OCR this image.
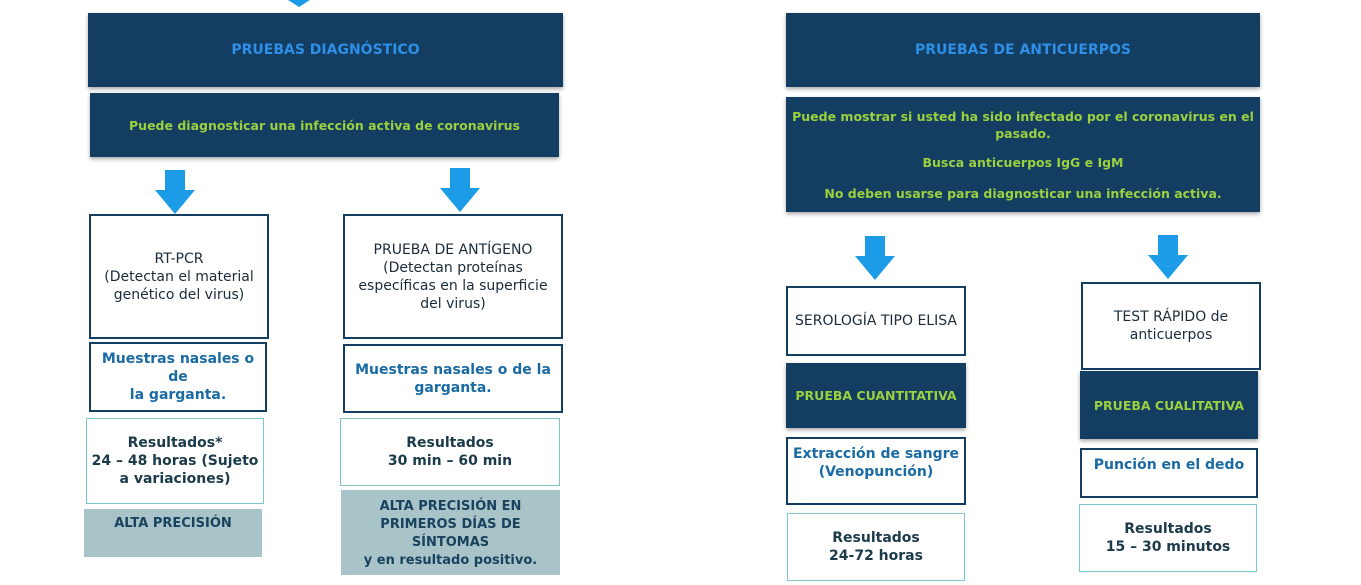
PRUEBAS DIAGNÓSTICO

Puede diagnosticar una infección activa de coronavirus

RT-PCR
(Detectan el material
genético del virus)
Muestras nasales o de
la garganta.
Resultados*
24 – 48 horas (Sujeto
a variaciones)
ALTA PRECISIÓN
PRUEBA DE ANTÍGENO
(Detectan proteínas
específicas en la superficie
del virus)
Muestras nasales o de la
garganta.
Resultados
30 min – 60 min
ALTA PRECISIÓN EN
PRIMEROS DÍAS DE SÍNTOMAS
y en resultado positivo.
PRUEBAS DE ANTICUERPOS

Puede mostrar si usted ha sido infectado por el coronavirus en el

pasado.

Busca anticuerpos IgG e IgM

No deben usarse para diagnosticar una infección activa.

SEROLOGÍA TIPO ELISA
PRUEBA CUANTITATIVA
Extracción de sangre
(Venopunción)
Resultados
24-72 horas
TEST RÁPIDO de
anticuerpos
PRUEBA CUALITATIVA
Punción en el dedo
Resultados
15 – 30 minutos
